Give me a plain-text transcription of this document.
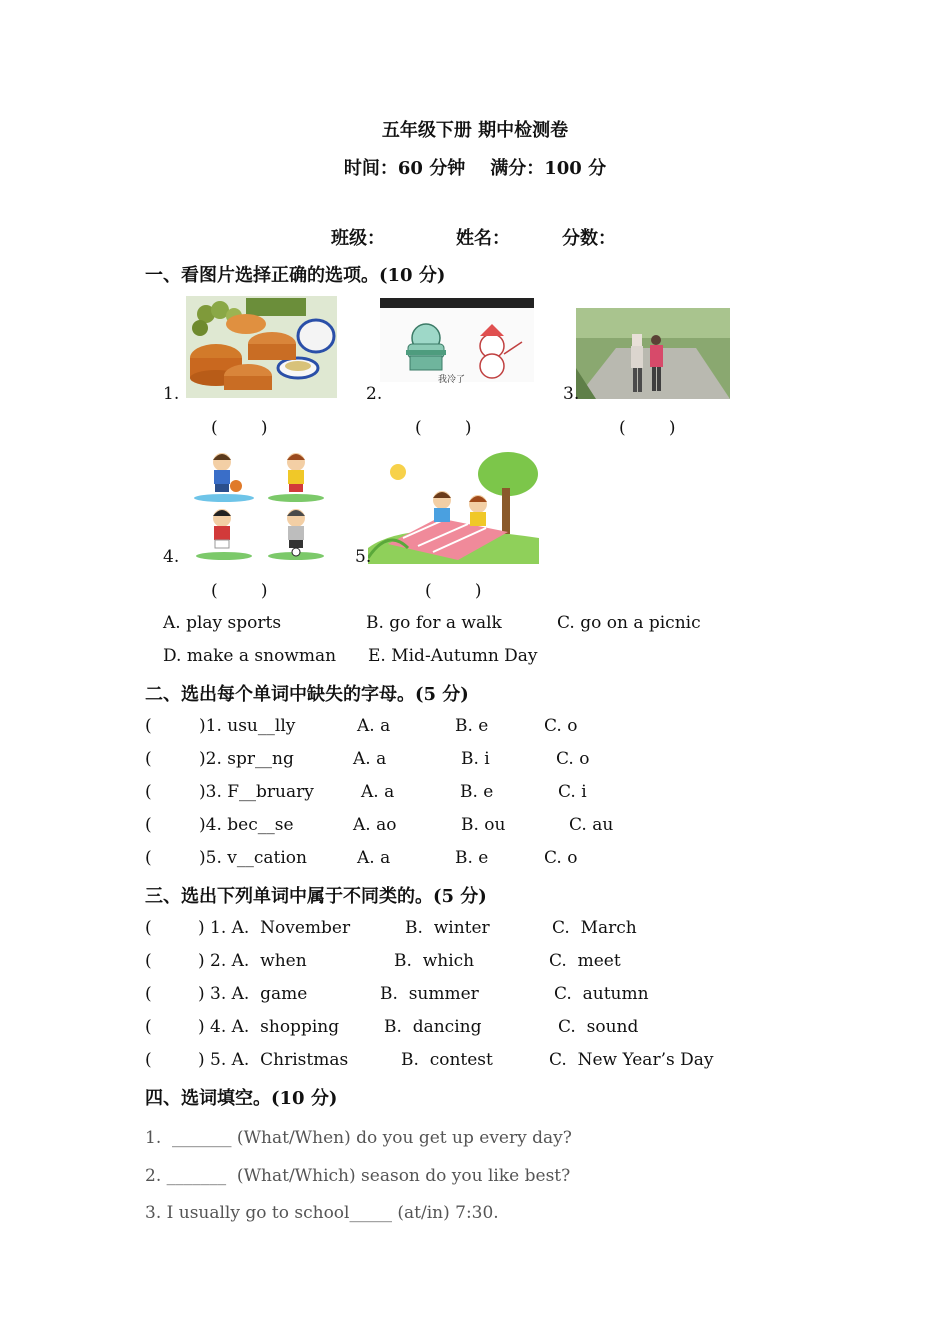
五年级下册 期中检测卷
时间：60 分钟    满分：100 分
班级：	姓名：	分数：
一、看图片选择正确的选项。(10 分)
我冷了
1.	2.	3.
(        )	(        )	(        )
4.	5.
(        )	(        )
A. play sports	B. go for a walk	C. go on a picnic
D. make a snowman E. Mid-Autumn Day
二、选出每个单词中缺失的字母。(5 分)
(	)1. usu__lly	A. a	B. e	C. o
(	)2. spr__ng	A. a	B. i	C. o
(	)3. F__bruary	A. a	B. e	C. i
(	)4. bec__se	A. ao	B. ou	C. au
(	)5. v__cation	A. a	B. e	C. o
三、选出下列单词中属于不同类的。(5 分)
(	) 1. A.  November	B.  winter	C.  March
(	) 2. A.  when	B.  which	C.  meet
(	) 3. A.  game	B.  summer	C.  autumn
(	) 4. A.  shopping	B.  dancing	C.  sound
(	) 5. A.  Christmas	B.  contest	C.  New Year’s Day
四、选词填空。(10 分)
1.  _______ (What/When) do you get up every day?
2. _______  (What/Which) season do you like best?
3. I usually go to school_____ (at/in) 7:30.
